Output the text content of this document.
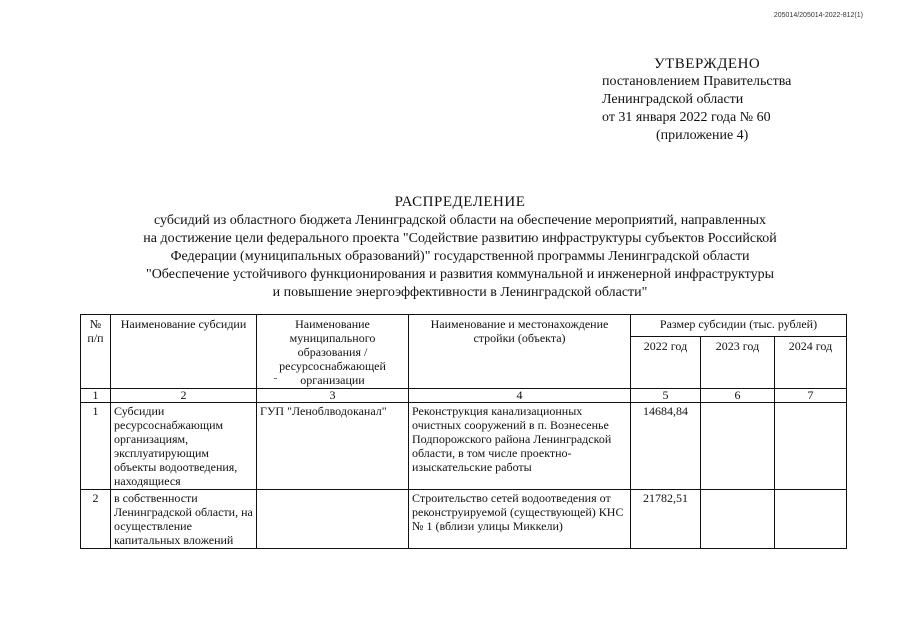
205014/205014-2022-812(1)
УТВЕРЖДЕНО
постановлением Правительства
Ленинградской области
от 31 января 2022 года № 60
(приложение 4)
РАСПРЕДЕЛЕНИЕ
субсидий из областного бюджета Ленинградской области на обеспечение мероприятий, направленных
на достижение цели федерального проекта "Содействие развитию инфраструктуры субъектов Российской
Федерации (муниципальных образований)" государственной программы Ленинградской области
"Обеспечение устойчивого функционирования и развития коммунальной и инженерной инфраструктуры
и повышение энергоэффективности в Ленинградской области"
№ п/п	Наименование субсидии	Наименование муниципального образования /ресурсоснабжающей организации	Наименование и местонахождение стройки (объекта)	Размер субсидии (тыс. рублей)		
				2022 год	2023 год	2024 год
1	2	3	4	5	6	7
1	Субсидии ресурсоснабжающим организациям, эксплуатирующим объекты водоотведения, находящиеся	ГУП "Леноблводоканал"	Реконструкция канализационных очистных сооружений в п. Вознесенье Подпорожского района Ленинградской области, в том числе проектно-изыскательские работы	14684,84		
2	в собственности Ленинградской области, на осуществление капитальных вложений		Строительство сетей водоотведения от реконструируемой (существующей) КНС № 1 (вблизи улицы Миккели)	21782,51		
